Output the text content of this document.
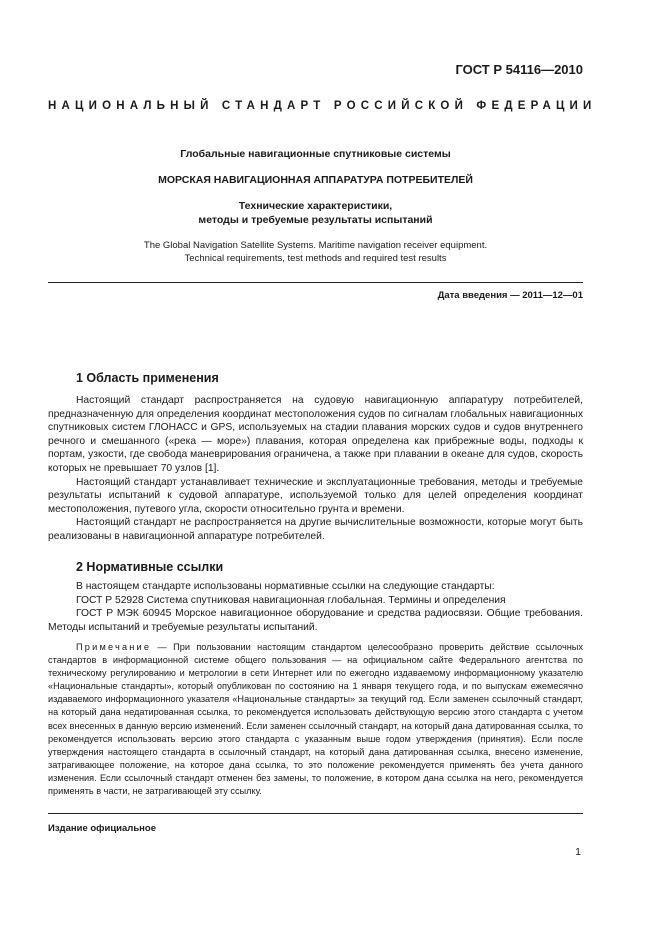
ГОСТ Р 54116—2010
НАЦИОНАЛЬНЫЙ СТАНДАРТ РОССИЙСКОЙ ФЕДЕРАЦИИ
Глобальные навигационные спутниковые системы
МОРСКАЯ НАВИГАЦИОННАЯ АППАРАТУРА ПОТРЕБИТЕЛЕЙ
Технические характеристики,
методы и требуемые результаты испытаний
The Global Navigation Satellite Systems. Maritime navigation receiver equipment.
Technical requirements, test methods and required test results
Дата введения — 2011—12—01
1 Область применения

Настоящий стандарт распространяется на судовую навигационную аппаратуру потребителей, предназначенную для определения координат местоположения судов по сигналам глобальных навигационных спутниковых систем ГЛОНАСС и GPS, используемых на стадии плавания морских судов и судов внутреннего речного и смешанного («река — море») плавания, которая определена как прибрежные воды, подходы к портам, узкости, где свобода маневрирования ограничена, а также при плавании в океане для судов, скорость которых не превышает 70 узлов [1].

Настоящий стандарт устанавливает технические и эксплуатационные требования, методы и требуемые результаты испытаний к судовой аппаратуре, используемой только для целей определения координат местоположения, путевого угла, скорости относительно грунта и времени.

Настоящий стандарт не распространяется на другие вычислительные возможности, которые могут быть реализованы в навигационной аппаратуре потребителей.

2 Нормативные ссылки

В настоящем стандарте использованы нормативные ссылки на следующие стандарты:

ГОСТ Р 52928 Система спутниковая навигационная глобальная. Термины и определения

ГОСТ Р МЭК 60945 Морское навигационное оборудование и средства радиосвязи. Общие требования. Методы испытаний и требуемые результаты испытаний.

Примечание — При пользовании настоящим стандартом целесообразно проверить действие ссылочных стандартов в информационной системе общего пользования — на официальном сайте Федерального агентства по техническому регулированию и метрологии в сети Интернет или по ежегодно издаваемому информационному указателю «Национальные стандарты», который опубликован по состоянию на 1 января текущего года, и по выпускам ежемесячно издаваемого информационного указателя «Национальные стандарты» за текущий год. Если заменен ссылочный стандарт, на который дана недатированная ссылка, то рекомендуется использовать действующую версию этого стандарта с учетом всех внесенных в данную версию изменений. Если заменен ссылочный стандарт, на который дана датированная ссылка, то рекомендуется использовать версию этого стандарта с указанным выше годом утверждения (принятия). Если после утверждения настоящего стандарта в ссылочный стандарт, на который дана датированная ссылка, внесено изменение, затрагивающее положение, на которое дана ссылка, то это положение рекомендуется применять без учета данного изменения. Если ссылочный стандарт отменен без замены, то положение, в котором дана ссылка на него, рекомендуется применять в части, не затрагивающей эту ссылку.

Издание официальное
1
